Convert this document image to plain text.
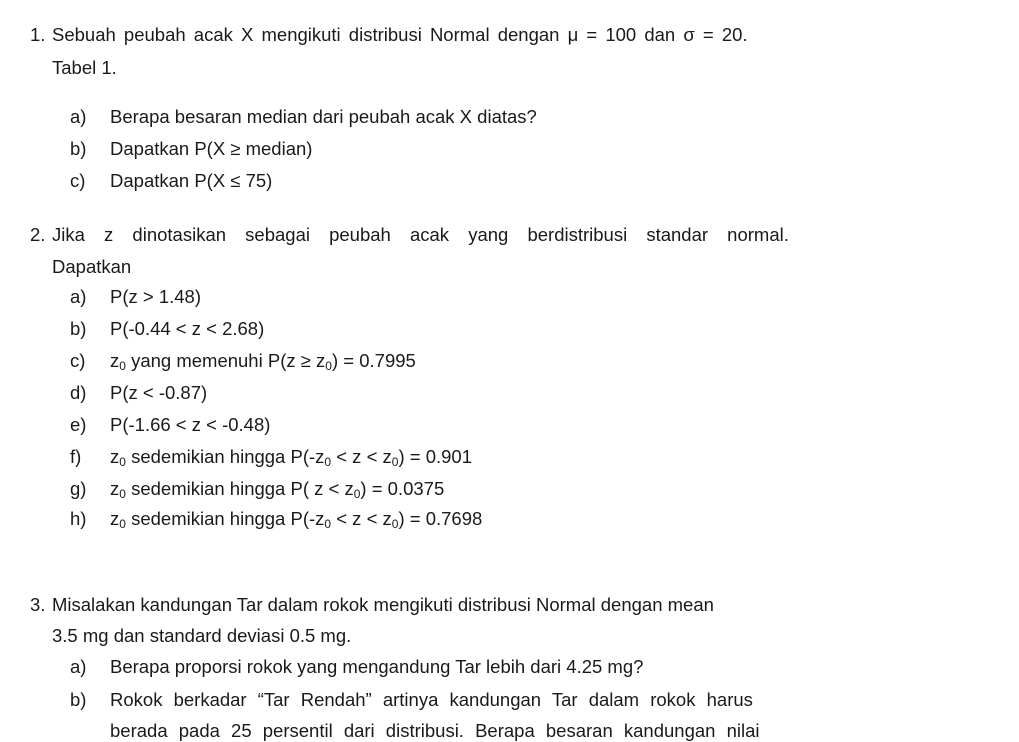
1. Sebuah peubah acak X mengikuti distribusi Normal dengan μ = 100 dan σ = 20.
Tabel 1.
a) Berapa besaran median dari peubah acak X diatas?
b) Dapatkan P(X ≥ median)
c) Dapatkan P(X ≤ 75)
2. Jika z dinotasikan sebagai peubah acak yang berdistribusi standar normal.
Dapatkan
a) P(z > 1.48)
b) P(-0.44 < z < 2.68)
c) $z_0$ yang memenuhi $P(z \ge z_0) = 0.7995$
d) P(z < -0.87)
e) P(-1.66 < z < -0.48)
f) $z_0$ sedemikian hingga $P(-z_0 < z < z_0) = 0.901$
g) $z_0$ sedemikian hingga P( $z < z_0) = 0.0375$
h) $z_0$ sedemikian hingga $P(-z_0 < z < z_0) = 0.7698$
3. Misalakan kandungan Tar dalam rokok mengikuti distribusi Normal dengan mean
3.5 mg dan standard deviasi 0.5 mg.
a) Berapa proporsi rokok yang mengandung Tar lebih dari 4.25 mg?
b) Rokok berkadar “Tar Rendah” artinya kandungan Tar dalam rokok harus
berada pada 25 persentil dari distribusi. Berapa besaran kandungan nilai
